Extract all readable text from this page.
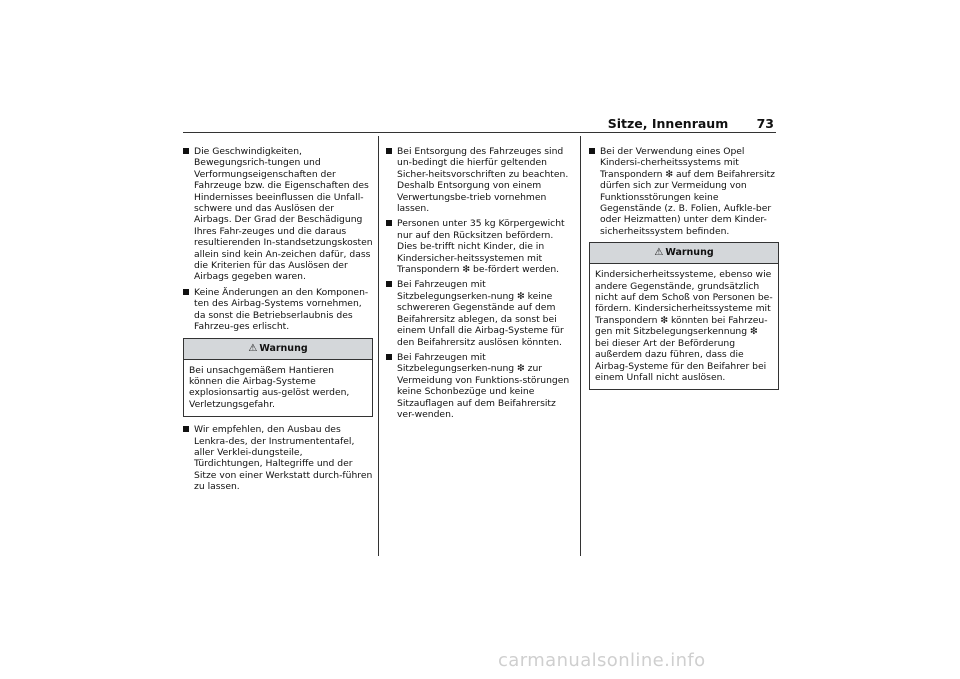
Sitze, Innenraum 73

Die Geschwindigkeiten, Bewegungsrich-tungen und Verformungseigenschaften der Fahrzeuge bzw. die Eigenschaften des Hindernisses beeinflussen die Unfall-schwere und das Auslösen der Airbags. Der Grad der Beschädigung Ihres Fahr-zeuges und die daraus resultierenden In-standsetzungskosten allein sind kein An-zeichen dafür, dass die Kriterien für das Auslösen der Airbags gegeben waren.

Keine Änderungen an den Komponen-ten des Airbag-Systems vornehmen, da sonst die Betriebserlaubnis des Fahrzeu-ges erlischt.

⚠ Warnung
Bei unsachgemäßem Hantieren können die Airbag-Systeme explosionsartig aus-gelöst werden, Verletzungsgefahr.

Wir empfehlen, den Ausbau des Lenkra-des, der Instrumententafel, aller Verklei-dungsteile, Türdichtungen, Haltegriffe und der Sitze von einer Werkstatt durch-führen zu lassen.

Bei Entsorgung des Fahrzeuges sind un-bedingt die hierfür geltenden Sicher-heitsvorschriften zu beachten. Deshalb Entsorgung von einem Verwertungsbe-trieb vornehmen lassen.

Personen unter 35 kg Körpergewicht nur auf den Rücksitzen befördern. Dies be-trifft nicht Kinder, die in Kindersicher-heitssystemen mit Transpondern ❇ be-fördert werden.

Bei Fahrzeugen mit Sitzbelegungserken-nung ❇ keine schwereren Gegenstände auf dem Beifahrersitz ablegen, da sonst bei einem Unfall die Airbag-Systeme für den Beifahrersitz auslösen könnten.

Bei Fahrzeugen mit Sitzbelegungserken-nung ❇ zur Vermeidung von Funktions-störungen keine Schonbezüge und keine Sitzauflagen auf dem Beifahrersitz ver-wenden.

Bei der Verwendung eines Opel Kindersi-cherheitssystems mit Transpondern ❇ auf dem Beifahrersitz dürfen sich zur Vermeidung von Funktionsstörungen keine Gegenstände (z. B. Folien, Aufkle-ber oder Heizmatten) unter dem Kinder-sicherheitssystem befinden.

⚠ Warnung
Kindersicherheitssysteme, ebenso wie andere Gegenstände, grundsätzlich nicht auf dem Schoß von Personen be-fördern. Kindersicherheitssysteme mit Transpondern ❇ könnten bei Fahrzeu-gen mit Sitzbelegungserkennung ❇ bei dieser Art der Beförderung außerdem dazu führen, dass die Airbag-Systeme für den Beifahrer bei einem Unfall nicht auslösen.
carmanualsonline.info
